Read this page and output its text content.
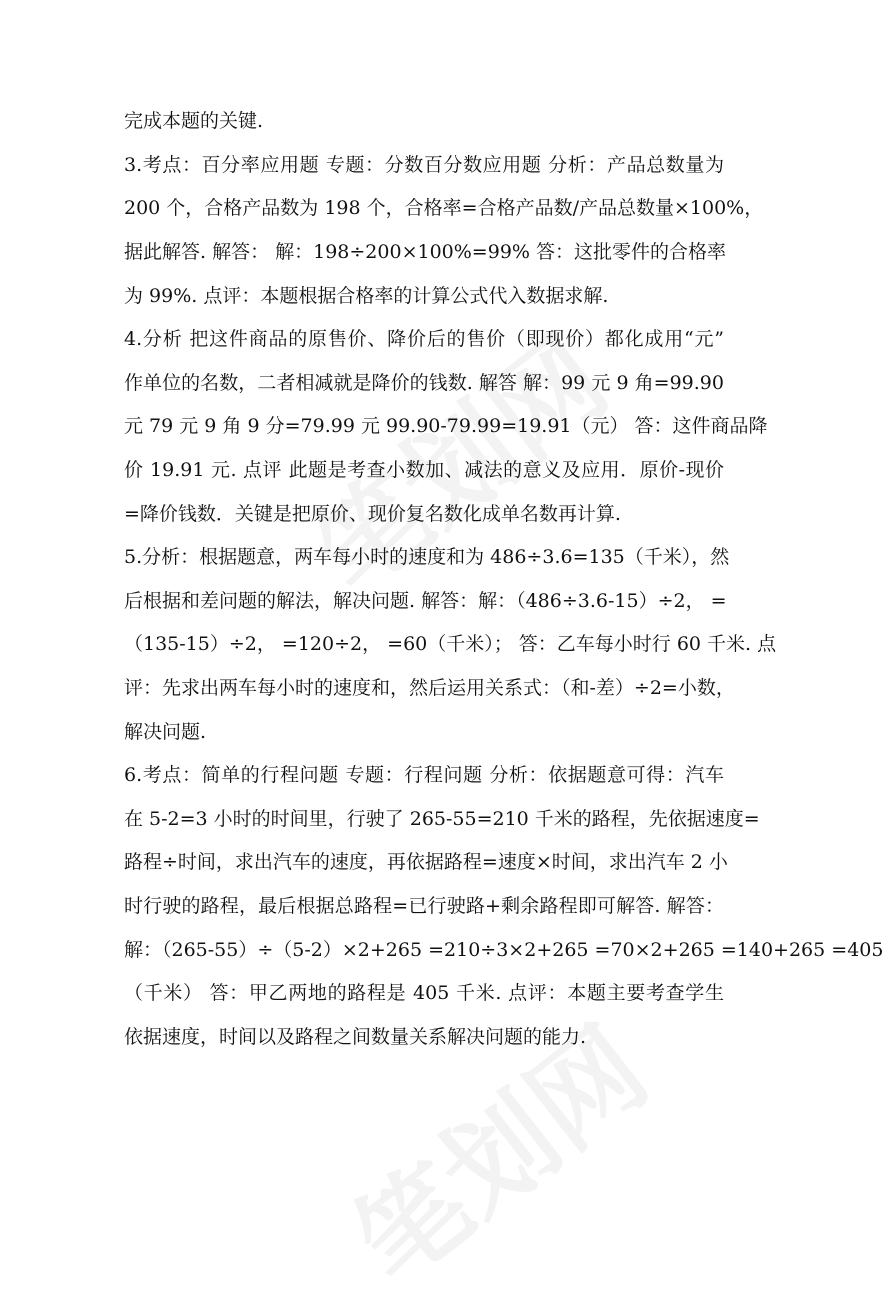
完成本题的关键.
3.考点：百分率应用题 专题：分数百分数应用题 分析：产品总数量为
200 个，合格产品数为 198 个，合格率=合格产品数/产品总数量×100%，
据此解答. 解答： 解：198÷200×100%=99% 答：这批零件的合格率
为 99%. 点评：本题根据合格率的计算公式代入数据求解.
4.分析 把这件商品的原售价、降价后的售价（即现价）都化成用“元”
作单位的名数，二者相减就是降价的钱数. 解答 解：99 元 9 角=99.90
元 79 元 9 角 9 分=79.99 元 99.90-79.99=19.91（元） 答：这件商品降
价 19.91 元. 点评 此题是考查小数加、减法的意义及应用．原价-现价
=降价钱数．关键是把原价、现价复名数化成单名数再计算.
5.分析：根据题意，两车每小时的速度和为 486÷3.6=135（千米），然
后根据和差问题的解法，解决问题. 解答：解：（486÷3.6-15）÷2， =
（135-15）÷2， =120÷2， =60（千米）； 答：乙车每小时行 60 千米. 点
评：先求出两车每小时的速度和，然后运用关系式：（和-差）÷2=小数，
解决问题.
6.考点：简单的行程问题 专题：行程问题 分析：依据题意可得：汽车
在 5-2=3 小时的时间里，行驶了 265-55=210 千米的路程，先依据速度=
路程÷时间，求出汽车的速度，再依据路程=速度×时间，求出汽车 2 小
时行驶的路程，最后根据总路程=已行驶路+剩余路程即可解答. 解答：
解：（265-55）÷（5-2）×2+265 =210÷3×2+265 =70×2+265 =140+265 =405
（千米） 答：甲乙两地的路程是 405 千米. 点评：本题主要考查学生
依据速度，时间以及路程之间数量关系解决问题的能力.
